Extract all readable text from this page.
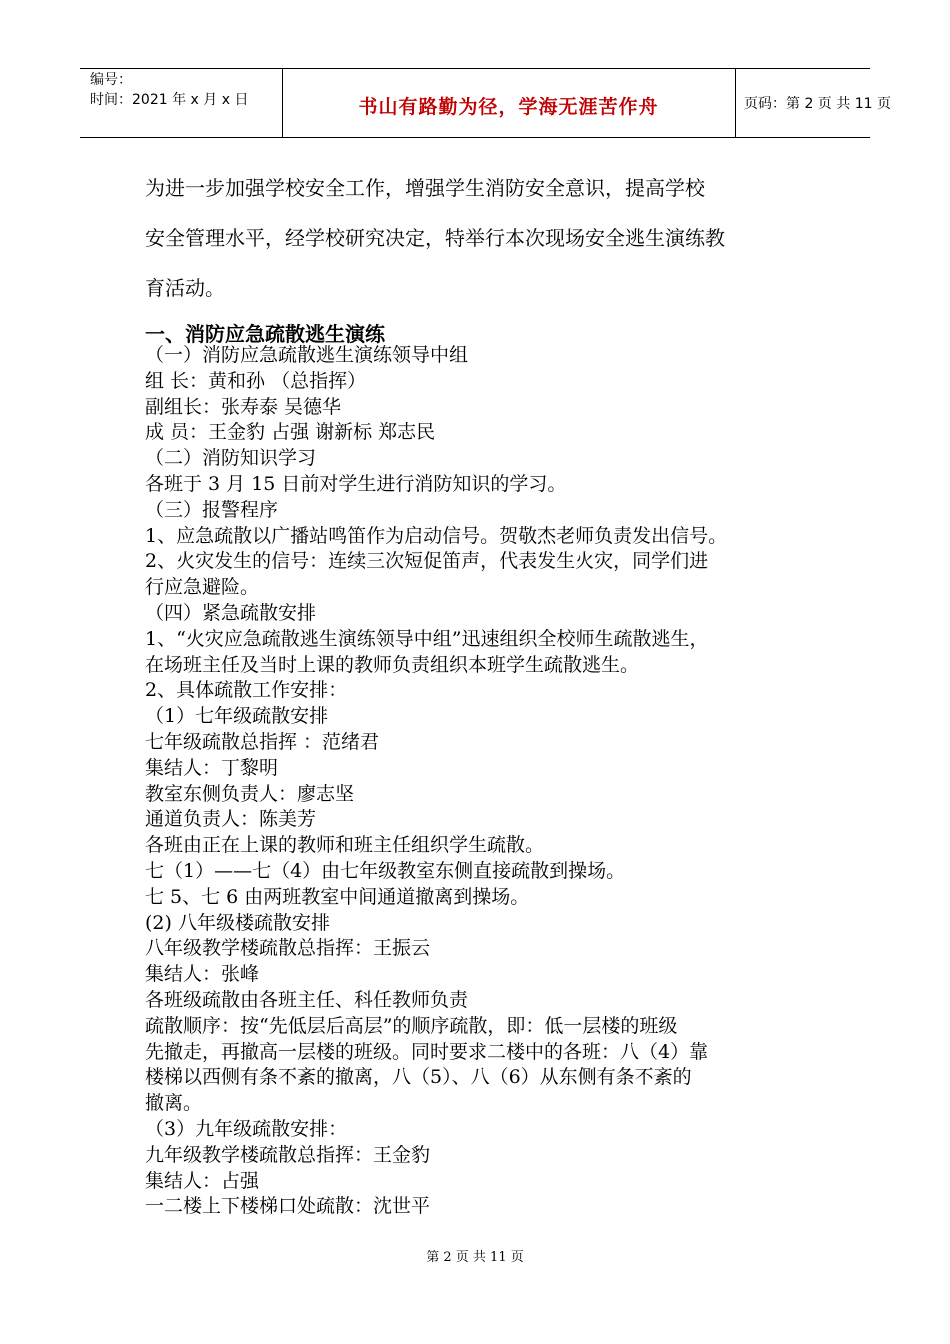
编号：
时间：2021 年 x 月 x 日	书山有路勤为径，学海无涯苦作舟	页码：第 2 页 共 11 页
为进一步加强学校安全工作，增强学生消防安全意识，提高学校
安全管理水平，经学校研究决定，特举行本次现场安全逃生演练教
育活动。
一、消防应急疏散逃生演练
（一）消防应急疏散逃生演练领导中组
组 长：黄和孙 （总指挥）
副组长：张寿泰 吴德华
成 员：王金豹 占强 谢新标 郑志民
（二）消防知识学习
各班于 3 月 15 日前对学生进行消防知识的学习。
（三）报警程序
1、应急疏散以广播站鸣笛作为启动信号。贺敬杰老师负责发出信号。
2、火灾发生的信号：连续三次短促笛声，代表发生火灾，同学们进
行应急避险。
（四）紧急疏散安排
1、“火灾应急疏散逃生演练领导中组”迅速组织全校师生疏散逃生，
在场班主任及当时上课的教师负责组织本班学生疏散逃生。
2、具体疏散工作安排：
（1）七年级疏散安排
七年级疏散总指挥 ：范绪君
集结人：丁黎明
教室东侧负责人：廖志坚
通道负责人：陈美芳
各班由正在上课的教师和班主任组织学生疏散。
七（1）——七（4）由七年级教室东侧直接疏散到操场。
七 5、七 6 由两班教室中间通道撤离到操场。
(2) 八年级楼疏散安排
八年级教学楼疏散总指挥：王振云
集结人：张峰
各班级疏散由各班主任、科任教师负责
疏散顺序：按“先低层后高层”的顺序疏散，即：低一层楼的班级
先撤走，再撤高一层楼的班级。同时要求二楼中的各班：八（4）靠
楼梯以西侧有条不紊的撤离，八（5）、八（6）从东侧有条不紊的
撤离。
（3）九年级疏散安排：
九年级教学楼疏散总指挥：王金豹
集结人：占强
一二楼上下楼梯口处疏散：沈世平
第 2 页 共 11 页
